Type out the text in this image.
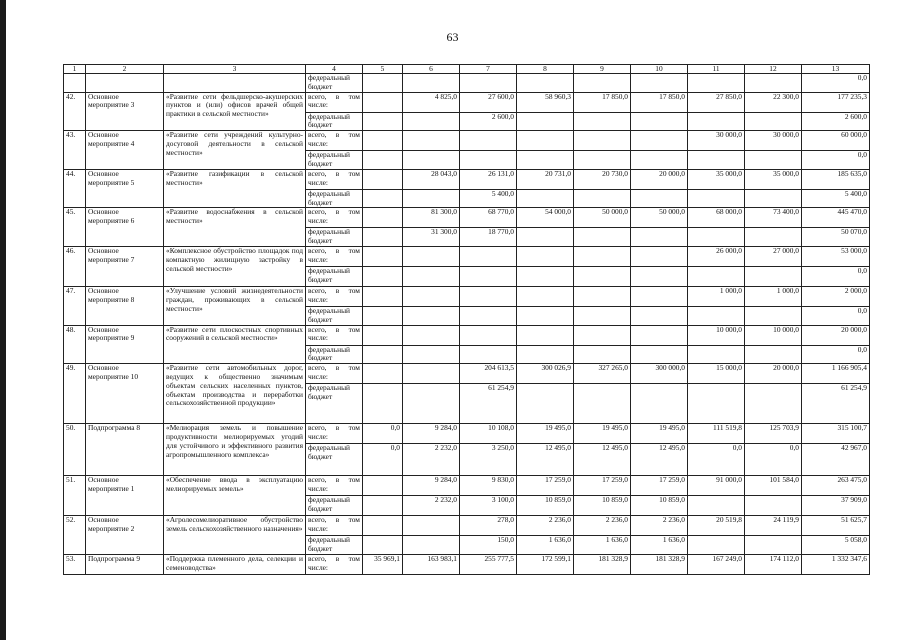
63
1	2	3	4	5	6	7	8	9	10	11	12	13
			федеральный бюджет									0,0
42.	Основное мероприятие 3	«Развитие сети фельдшерско-акушерских пунктов и (или) офисов врачей общей практики в сельской местности»	всего, в том числе:		4 825,0	27 600,0	58 960,3	17 850,0	17 850,0	27 850,0	22 300,0	177 235,3
			федеральный бюджет			2 600,0						2 600,0
43.	Основное мероприятие 4	«Развитие сети учреждений культурно-досуговой деятельности в сельской местности»	всего, в том числе:							30 000,0	30 000,0	60 000,0
			федеральный бюджет									0,0
44.	Основное мероприятие 5	«Развитие газификации в сельской местности»	всего, в том числе:		28 043,0	26 131,0	20 731,0	20 730,0	20 000,0	35 000,0	35 000,0	185 635,0
			федеральный бюджет			5 400,0						5 400,0
45.	Основное мероприятие 6	«Развитие водоснабжения в сельской местности»	всего, в том числе:		81 300,0	68 770,0	54 000,0	50 000,0	50 000,0	68 000,0	73 400,0	445 470,0
			федеральный бюджет		31 300,0	18 770,0						50 070,0
46.	Основное мероприятие 7	«Комплексное обустройство площадок под компактную жилищную застройку в сельской местности»	всего, в том числе:							26 000,0	27 000,0	53 000,0
			федеральный бюджет									0,0
47.	Основное мероприятие 8	«Улучшение условий жизнедеятельности граждан, проживающих в сельской местности»	всего, в том числе:							1 000,0	1 000,0	2 000,0
			федеральный бюджет									0,0
48.	Основное мероприятие 9	«Развитие сети плоскостных спортивных сооружений в сельской местности»	всего, в том числе:							10 000,0	10 000,0	20 000,0
			федеральный бюджет									0,0
49.	Основное мероприятие 10	«Развитие сети автомобильных дорог, ведущих к общественно значимым объектам сельских населенных пунктов, объектам производства и переработки сельскохозяйственной продукции»	всего, в том числе:			204 613,5	300 026,9	327 265,0	300 000,0	15 000,0	20 000,0	1 166 905,4
			федеральный бюджет			61 254,9						61 254,9
50.	Подпрограмма 8	«Мелиорация земель и повышение продуктивности мелиорируемых угодий для устойчивого и эффективного развития агропромышленного комплекса»	всего, в том числе:	0,0	9 284,0	10 108,0	19 495,0	19 495,0	19 495,0	111 519,8	125 703,9	315 100,7
			федеральный бюджет	0,0	2 232,0	3 250,0	12 495,0	12 495,0	12 495,0	0,0	0,0	42 967,0
51.	Основное мероприятие 1	«Обеспечение ввода в эксплуатацию мелиорируемых земель»	всего, в том числе:		9 284,0	9 830,0	17 259,0	17 259,0	17 259,0	91 000,0	101 584,0	263 475,0
			федеральный бюджет		2 232,0	3 100,0	10 859,0	10 859,0	10 859,0			37 909,0
52.	Основное мероприятие 2	«Агролесомелиоративное обустройство земель сельскохозяйственного назначения»	всего, в том числе:			278,0	2 236,0	2 236,0	2 236,0	20 519,8	24 119,9	51 625,7
			федеральный бюджет			150,0	1 636,0	1 636,0	1 636,0			5 058,0
53.	Подпрограмма 9	«Поддержка племенного дела, селекции и семеноводства»	всего, в том числе:	35 969,1	163 983,1	255 777,5	172 599,1	181 328,9	181 328,9	167 249,0	174 112,0	1 332 347,6
